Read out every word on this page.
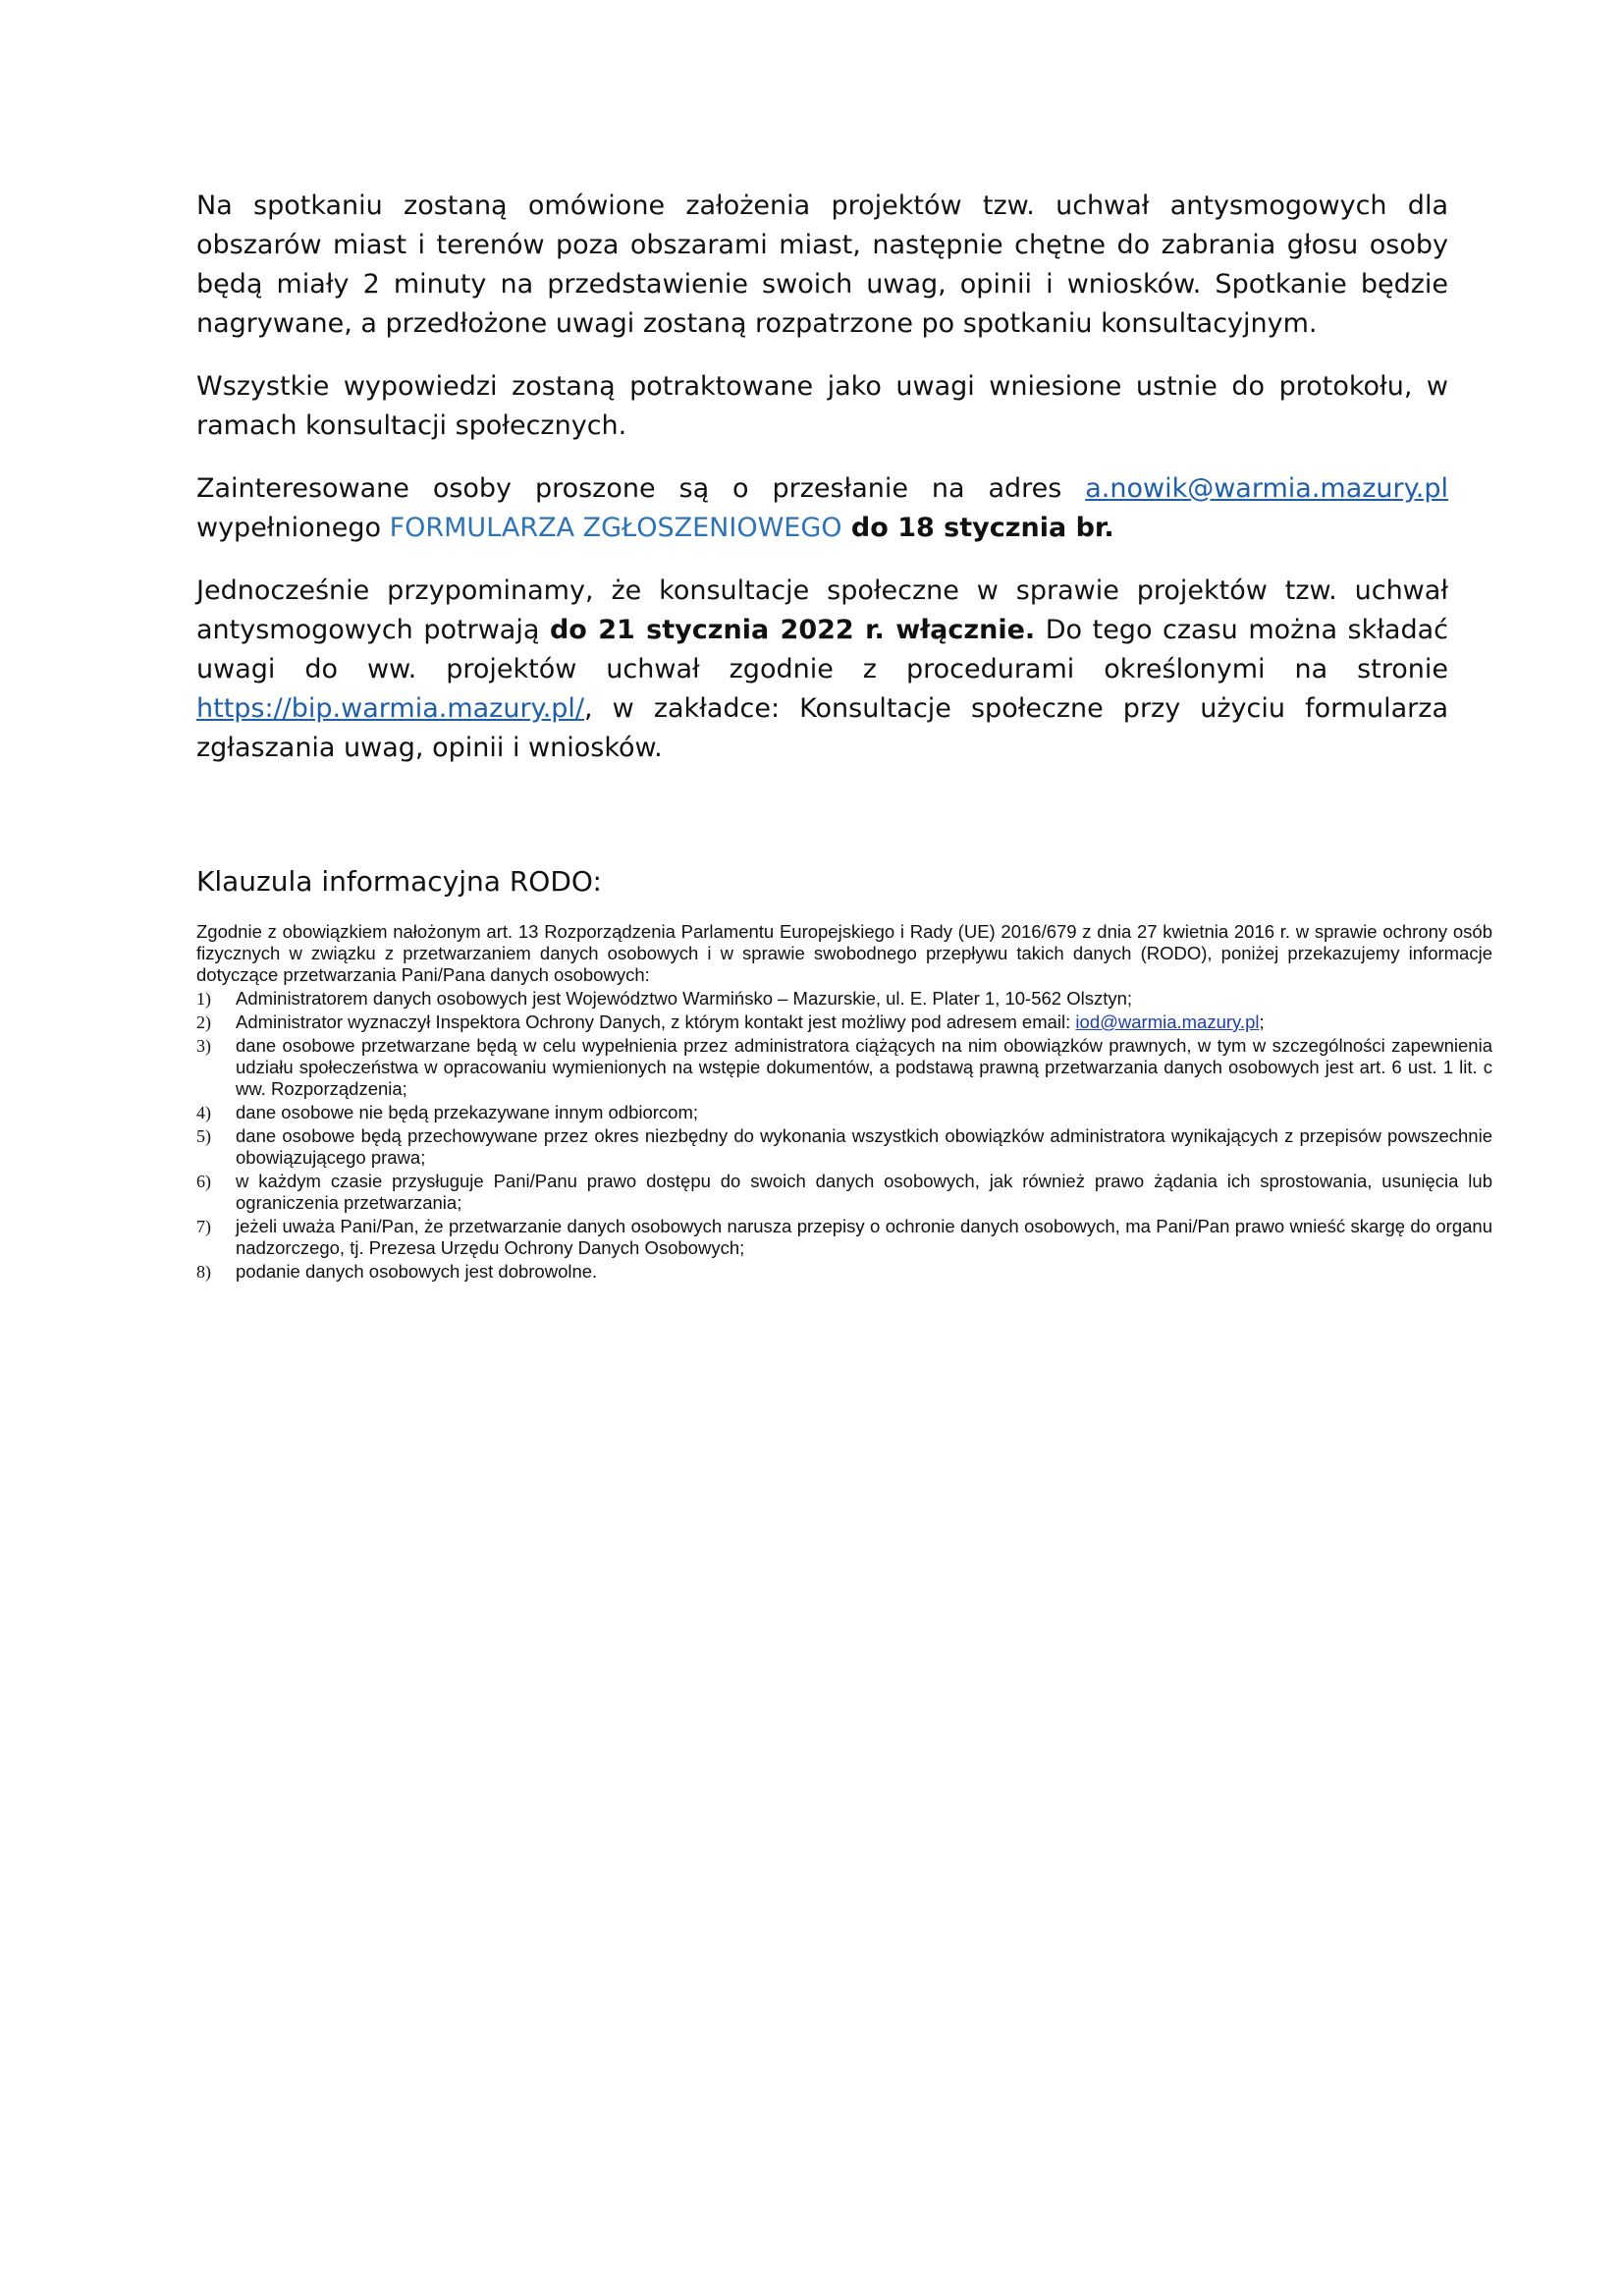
Na spotkaniu zostaną omówione założenia projektów tzw. uchwał antysmogowych dla obszarów miast i terenów poza obszarami miast, następnie chętne do zabrania głosu osoby będą miały 2 minuty na przedstawienie swoich uwag, opinii i wniosków. Spotkanie będzie nagrywane, a przedłożone uwagi zostaną rozpatrzone po spotkaniu konsultacyjnym.

Wszystkie wypowiedzi zostaną potraktowane jako uwagi wniesione ustnie do protokołu, w ramach konsultacji społecznych.

Zainteresowane osoby proszone są o przesłanie na adres a.nowik@warmia.mazury.pl wypełnionego FORMULARZA ZGŁOSZENIOWEGO do 18 stycznia br.

Jednocześnie przypominamy, że konsultacje społeczne w sprawie projektów tzw. uchwał antysmogowych potrwają do 21 stycznia 2022 r. włącznie. Do tego czasu można składać uwagi do ww. projektów uchwał zgodnie z procedurami określonymi na stronie https://bip.warmia.mazury.pl/, w zakładce: Konsultacje społeczne przy użyciu formularza zgłaszania uwag, opinii i wniosków.

Klauzula informacyjna RODO:

Zgodnie z obowiązkiem nałożonym art. 13 Rozporządzenia Parlamentu Europejskiego i Rady (UE) 2016/679 z dnia 27 kwietnia 2016 r. w sprawie ochrony osób fizycznych w związku z przetwarzaniem danych osobowych i w sprawie swobodnego przepływu takich danych (RODO), poniżej przekazujemy informacje dotyczące przetwarzania Pani/Pana danych osobowych:

1) Administratorem danych osobowych jest Województwo Warmińsko – Mazurskie, ul. E. Plater 1, 10-562 Olsztyn;
2) Administrator wyznaczył Inspektora Ochrony Danych, z którym kontakt jest możliwy pod adresem email: iod@warmia.mazury.pl;
3) dane osobowe przetwarzane będą w celu wypełnienia przez administratora ciążących na nim obowiązków prawnych, w tym w szczególności zapewnienia udziału społeczeństwa w opracowaniu wymienionych na wstępie dokumentów, a podstawą prawną przetwarzania danych osobowych jest art. 6 ust. 1 lit. c ww. Rozporządzenia;
4) dane osobowe nie będą przekazywane innym odbiorcom;
5) dane osobowe będą przechowywane przez okres niezbędny do wykonania wszystkich obowiązków administratora wynikających z przepisów powszechnie obowiązującego prawa;
6) w każdym czasie przysługuje Pani/Panu prawo dostępu do swoich danych osobowych, jak również prawo żądania ich sprostowania, usunięcia lub ograniczenia przetwarzania;
7) jeżeli uważa Pani/Pan, że przetwarzanie danych osobowych narusza przepisy o ochronie danych osobowych, ma Pani/Pan prawo wnieść skargę do organu nadzorczego, tj. Prezesa Urzędu Ochrony Danych Osobowych;
8) podanie danych osobowych jest dobrowolne.
